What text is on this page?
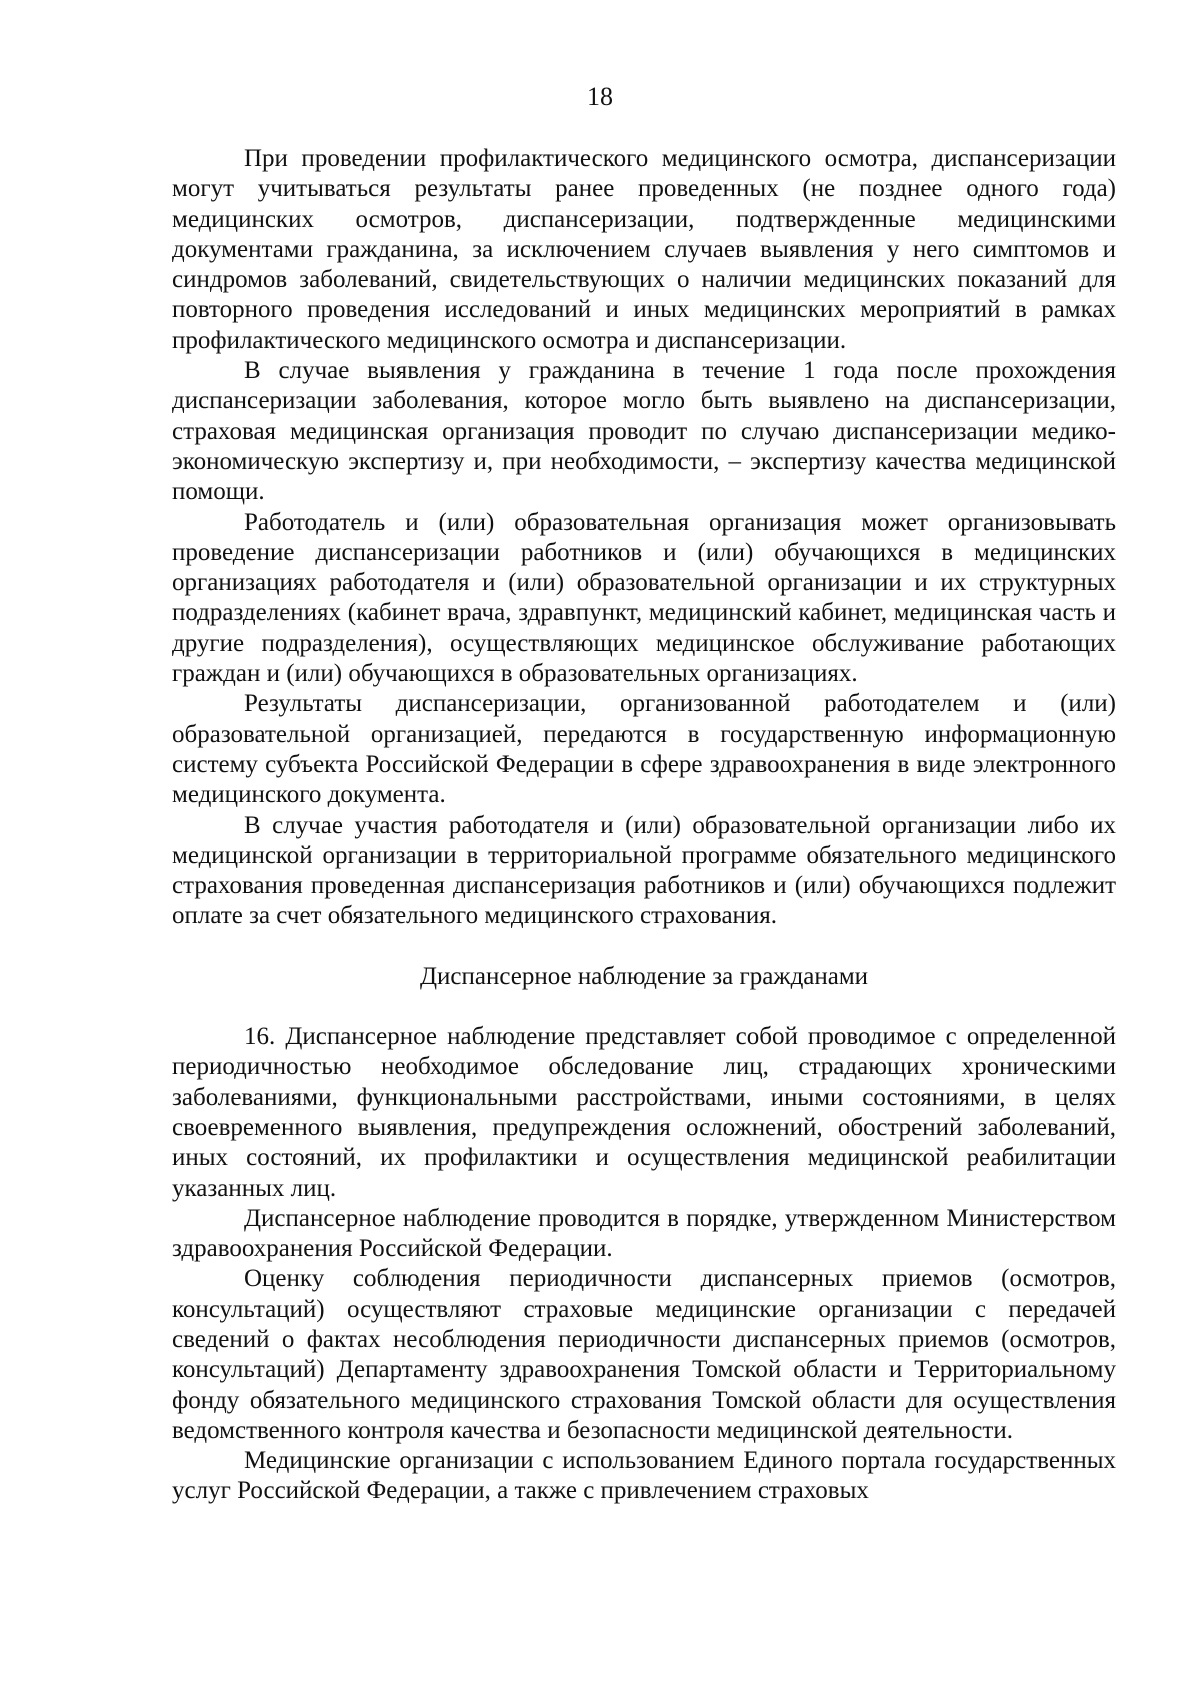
18

При проведении профилактического медицинского осмотра, диспансеризации могут учитываться результаты ранее проведенных (не позднее одного года) медицинских осмотров, диспансеризации, подтвержденные медицинскими документами гражданина, за исключением случаев выявления у него симптомов и синдромов заболеваний, свидетельствующих о наличии медицинских показаний для повторного проведения исследований и иных медицинских мероприятий в рамках профилактического медицинского осмотра и диспансеризации.

В случае выявления у гражданина в течение 1 года после прохождения диспансеризации заболевания, которое могло быть выявлено на диспансеризации, страховая медицинская организация проводит по случаю диспансеризации медико-экономическую экспертизу и, при необходимости, – экспертизу качества медицинской помощи.

Работодатель и (или) образовательная организация может организовывать проведение диспансеризации работников и (или) обучающихся в медицинских организациях работодателя и (или) образовательной организации и их структурных подразделениях (кабинет врача, здравпункт, медицинский кабинет, медицинская часть и другие подразделения), осуществляющих медицинское обслуживание работающих граждан и (или) обучающихся в образовательных организациях.

Результаты диспансеризации, организованной работодателем и (или) образовательной организацией, передаются в государственную информационную систему субъекта Российской Федерации в сфере здравоохранения в виде электронного медицинского документа.

В случае участия работодателя и (или) образовательной организации либо их медицинской организации в территориальной программе обязательного медицинского страхования проведенная диспансеризация работников и (или) обучающихся подлежит оплате за счет обязательного медицинского страхования.

Диспансерное наблюдение за гражданами

16. Диспансерное наблюдение представляет собой проводимое с определенной периодичностью необходимое обследование лиц, страдающих хроническими заболеваниями, функциональными расстройствами, иными состояниями, в целях своевременного выявления, предупреждения осложнений, обострений заболеваний, иных состояний, их профилактики и осуществления медицинской реабилитации указанных лиц.

Диспансерное наблюдение проводится в порядке, утвержденном Министерством здравоохранения Российской Федерации.

Оценку соблюдения периодичности диспансерных приемов (осмотров, консультаций) осуществляют страховые медицинские организации с передачей сведений о фактах несоблюдения периодичности диспансерных приемов (осмотров, консультаций) Департаменту здравоохранения Томской области и Территориальному фонду обязательного медицинского страхования Томской области для осуществления ведомственного контроля качества и безопасности медицинской деятельности.

Медицинские организации с использованием Единого портала государственных услуг Российской Федерации, а также с привлечением страховых
